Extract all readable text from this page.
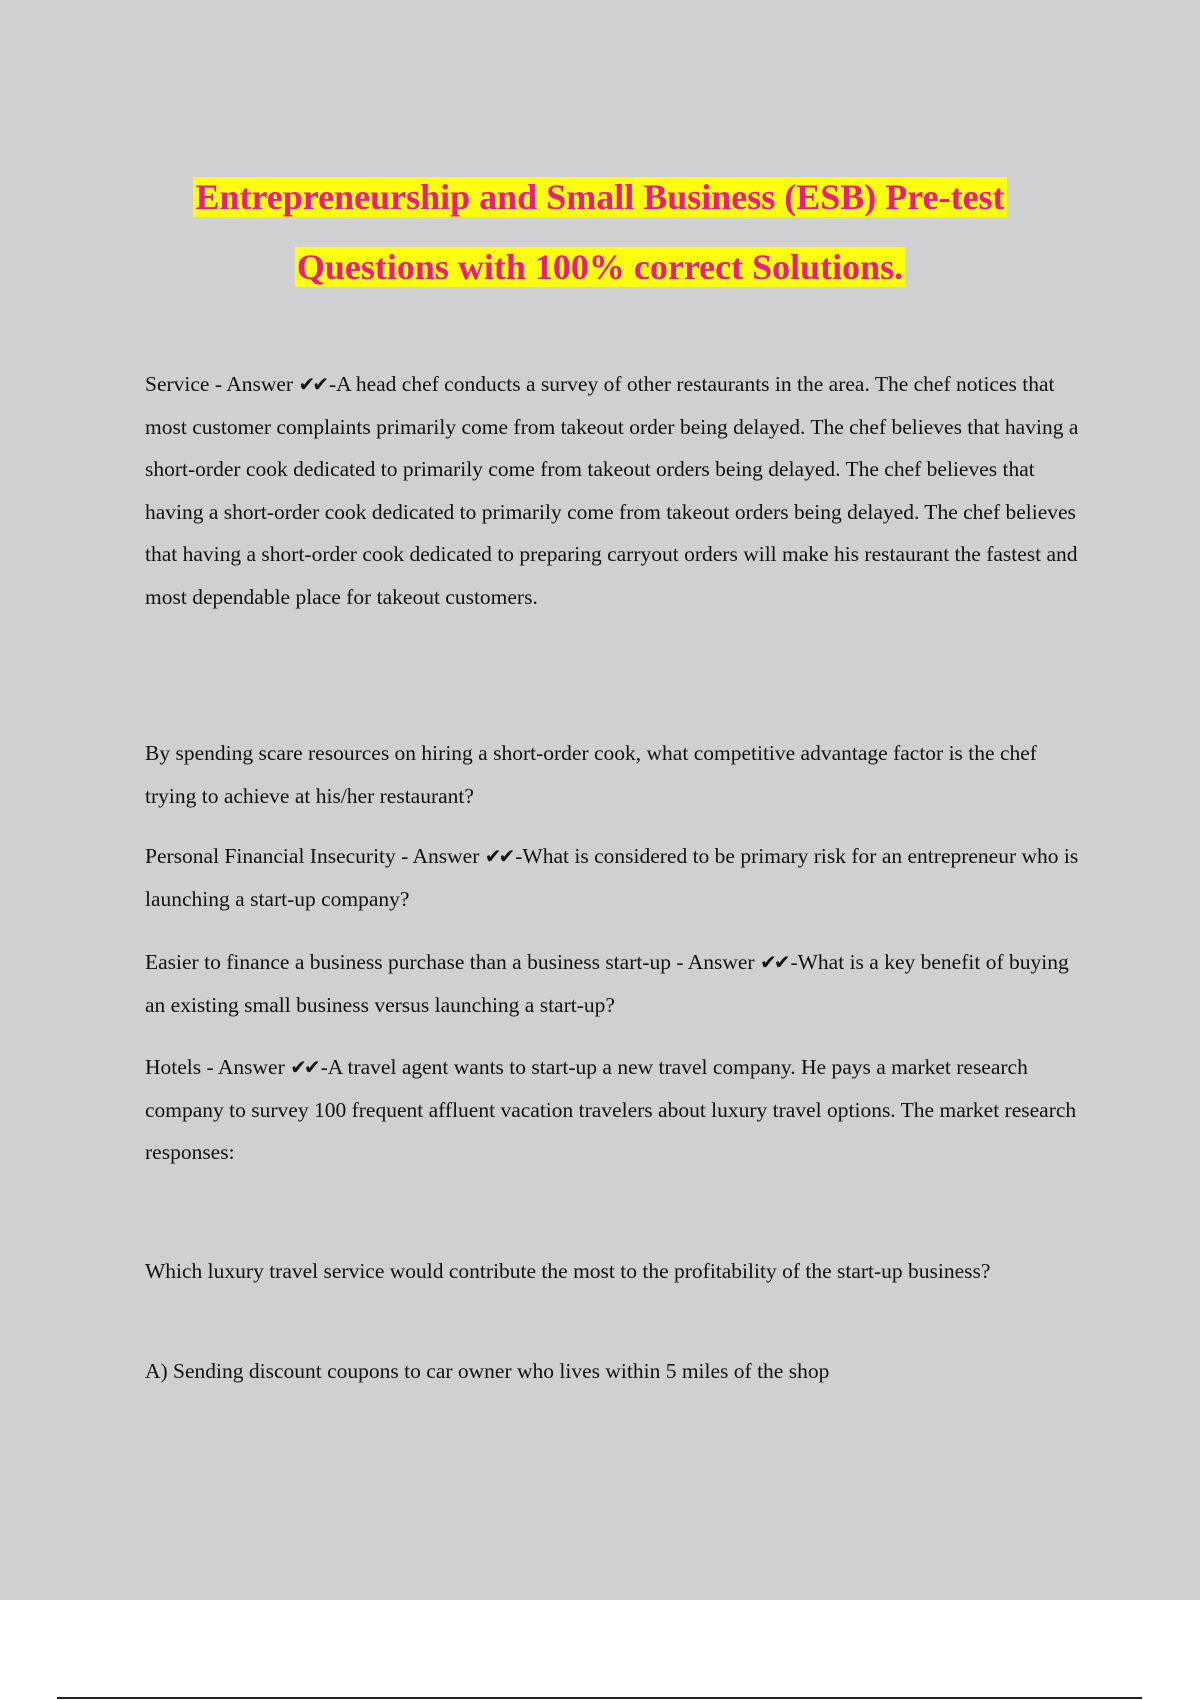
Entrepreneurship and Small Business (ESB) Pre-test
Questions with 100% correct Solutions.

Service - Answer ✔✔ -A head chef conducts a survey of other restaurants in the area. The chef notices that most customer complaints primarily come from takeout order being delayed. The chef believes that having a short-order cook dedicated to primarily come from takeout orders being delayed. The chef believes that having a short-order cook dedicated to primarily come from takeout orders being delayed. The chef believes that having a short-order cook dedicated to preparing carryout orders will make his restaurant the fastest and most dependable place for takeout customers.

By spending scare resources on hiring a short-order cook, what competitive advantage factor is the chef trying to achieve at his/her restaurant?

Personal Financial Insecurity - Answer ✔✔ -What is considered to be primary risk for an entrepreneur who is launching a start-up company?

Easier to finance a business purchase than a business start-up - Answer ✔✔ -What is a key benefit of buying an existing small business versus launching a start-up?

Hotels - Answer ✔✔ -A travel agent wants to start-up a new travel company. He pays a market research company to survey 100 frequent affluent vacation travelers about luxury travel options. The market research responses:

Which luxury travel service would contribute the most to the profitability of the start-up business?

A) Sending discount coupons to car owner who lives within 5 miles of the shop
